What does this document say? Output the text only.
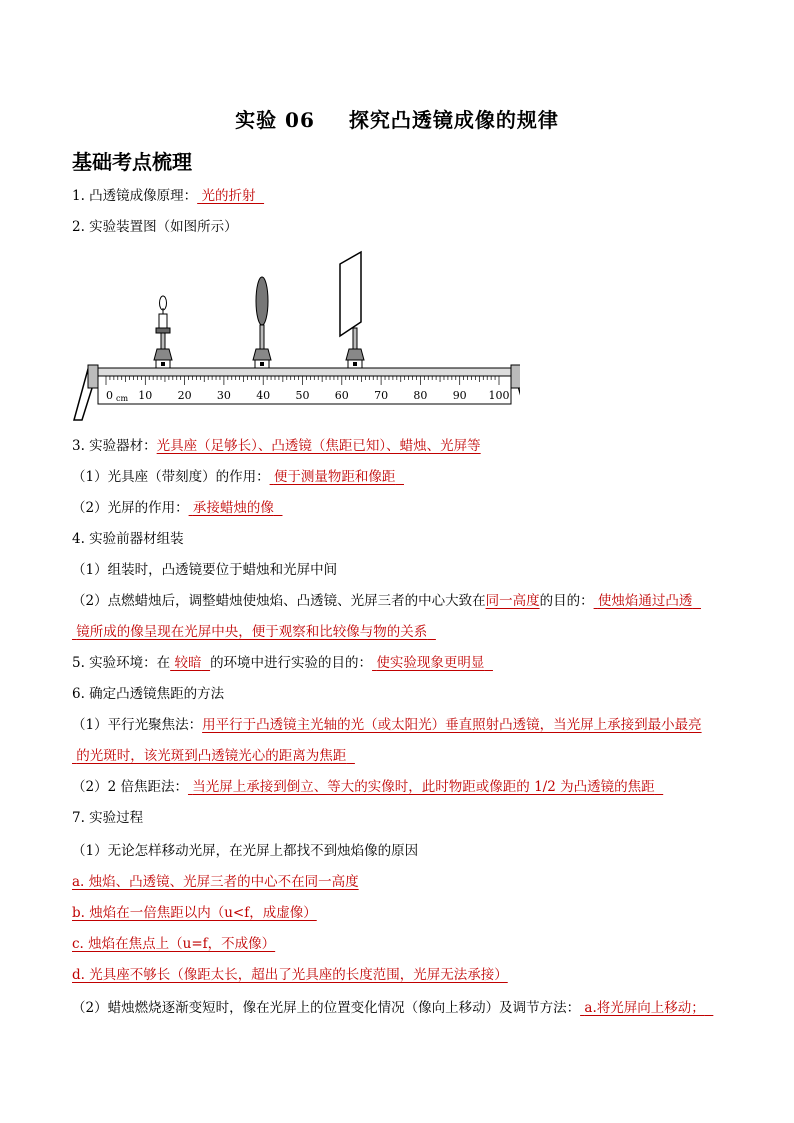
实验 06 探究凸透镜成像的规律
基础考点梳理
1. 凸透镜成像原理： 光的折射
2. 实验装置图（如图所示）
0 10 20 30 40 50 60 70 80 90 100
cm
3. 实验器材：光具座（足够长）、凸透镜（焦距已知）、蜡烛、光屏等
（1）光具座（带刻度）的作用： 便于测量物距和像距
（2）光屏的作用： 承接蜡烛的像
4. 实验前器材组装
（1）组装时，凸透镜要位于蜡烛和光屏中间
（2）点燃蜡烛后，调整蜡烛使烛焰、凸透镜、光屏三者的中心大致在同一高度的目的： 使烛焰通过凸透
镜所成的像呈现在光屏中央，便于观察和比较像与物的关系
5. 实验环境：在 较暗 的环境中进行实验的目的： 使实验现象更明显
6. 确定凸透镜焦距的方法
（1）平行光聚焦法：用平行于凸透镜主光轴的光（或太阳光）垂直照射凸透镜，当光屏上承接到最小最亮
的光斑时，该光斑到凸透镜光心的距离为焦距
（2）2 倍焦距法： 当光屏上承接到倒立、等大的实像时，此时物距或像距的 1/2 为凸透镜的焦距
7. 实验过程
（1）无论怎样移动光屏，在光屏上都找不到烛焰像的原因
a. 烛焰、凸透镜、光屏三者的中心不在同一高度
b. 烛焰在一倍焦距以内（u<f，成虚像）
c. 烛焰在焦点上（u=f，不成像）
d. 光具座不够长（像距太长，超出了光具座的长度范围，光屏无法承接）
（2）蜡烛燃烧逐渐变短时，像在光屏上的位置变化情况（像向上移动）及调节方法： a.将光屏向上移动；
